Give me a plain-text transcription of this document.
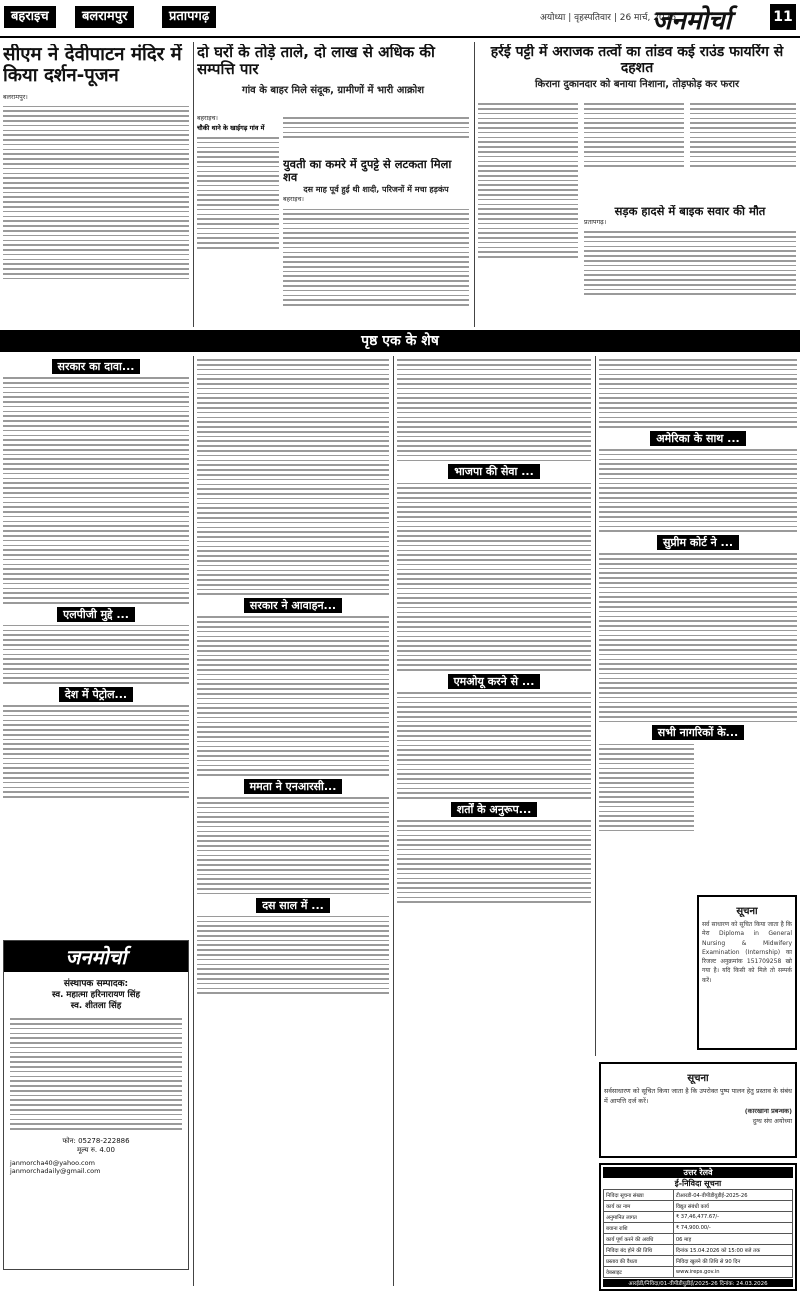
बहराइच	बलरामपुर	प्रतापगढ़	अयोध्या | वृहस्पतिवार | 26 मार्च, 2026
जनमोर्चा	11
सीएम ने देवीपाटन मंदिर में किया दर्शन-पूजन
बलरामपुर।
दो घरों के तोड़े ताले, दो लाख से अधिक की सम्पत्ति पार
गांव के बाहर मिले संदूक, ग्रामीणों में भारी आक्रोश
बहराइच।
चौकी थाने के खाईगढ़ गांव में
युवती का कमरे में दुपट्टे से लटकता मिला शव
दस माह पूर्व हुई थी शादी, परिजनों में मचा हड़कंप
बहराइच।
हर्रई पट्टी में अराजक तत्वों का तांडव कई राउंड फायरिंग से दहशत
किराना दुकानदार को बनाया निशाना, तोड़फोड़ कर फरार
सड़क हादसे में बाइक सवार की मौत
प्रतापगढ़।
पृष्ठ एक के शेष
सरकार का दावा...
एलपीजी मुद्दे ...
देश में पेट्रोल...
जनमोर्चा
संस्थापक सम्पादक:
स्व. महात्मा हरिनारायण सिंह
स्व. शीतला सिंह
फोन: 05278-222886
मूल्य रु. 4.00
janmorcha40@yahoo.com
janmorchadaily@gmail.com
सरकार ने आवाहन...
ममता ने एनआरसी...
दस साल में ...
भाजपा की सेवा ...
एमओयू करने से ...
शर्तों के अनुरूप...
अमेरिका के साथ ...
सुप्रीम कोर्ट ने ...
सभी नागरिकों के...
सूचना
सर्व साधारण को सूचित किया जाता है कि मेरा Diploma in General Nursing & Midwifery Examination (Internship) का रिजल्ट अनुक्रमांक 151709258 खो गया है। यदि किसी को मिले तो सम्पर्क करें।
सूचना
सर्वसाधारण को सूचित किया जाता है कि उपरोक्त पुष्प पालन हेतु प्रस्ताव के संबंध में आपत्ति दर्ज करें।
(कारखाना प्रबन्धक)
दुग्ध संघ अयोध्या
उत्तर रेलवे
ई-निविदा सूचना
निविदा सूचना संख्या	टीआरडी-04-वीपीडीयुडीई-2025-26
कार्य का नाम	विद्युत संबंधी कार्य
अनुमानित लागत	₹ 37,46,477.67/-
बयाना राशि	₹ 74,900.00/-
कार्य पूर्ण करने की अवधि	06 माह
निविदा बंद होने की तिथि	दिनांक 15.04.2026 को 15:00 बजे तक
प्रस्ताव की वैधता	निविदा खुलने की तिथि से 90 दिन
वेबसाइट	www.ireps.gov.in
आरईडी/निविदा/01-वीपीडीयुडीई/2025-26 दिनांक: 24.03.2026
